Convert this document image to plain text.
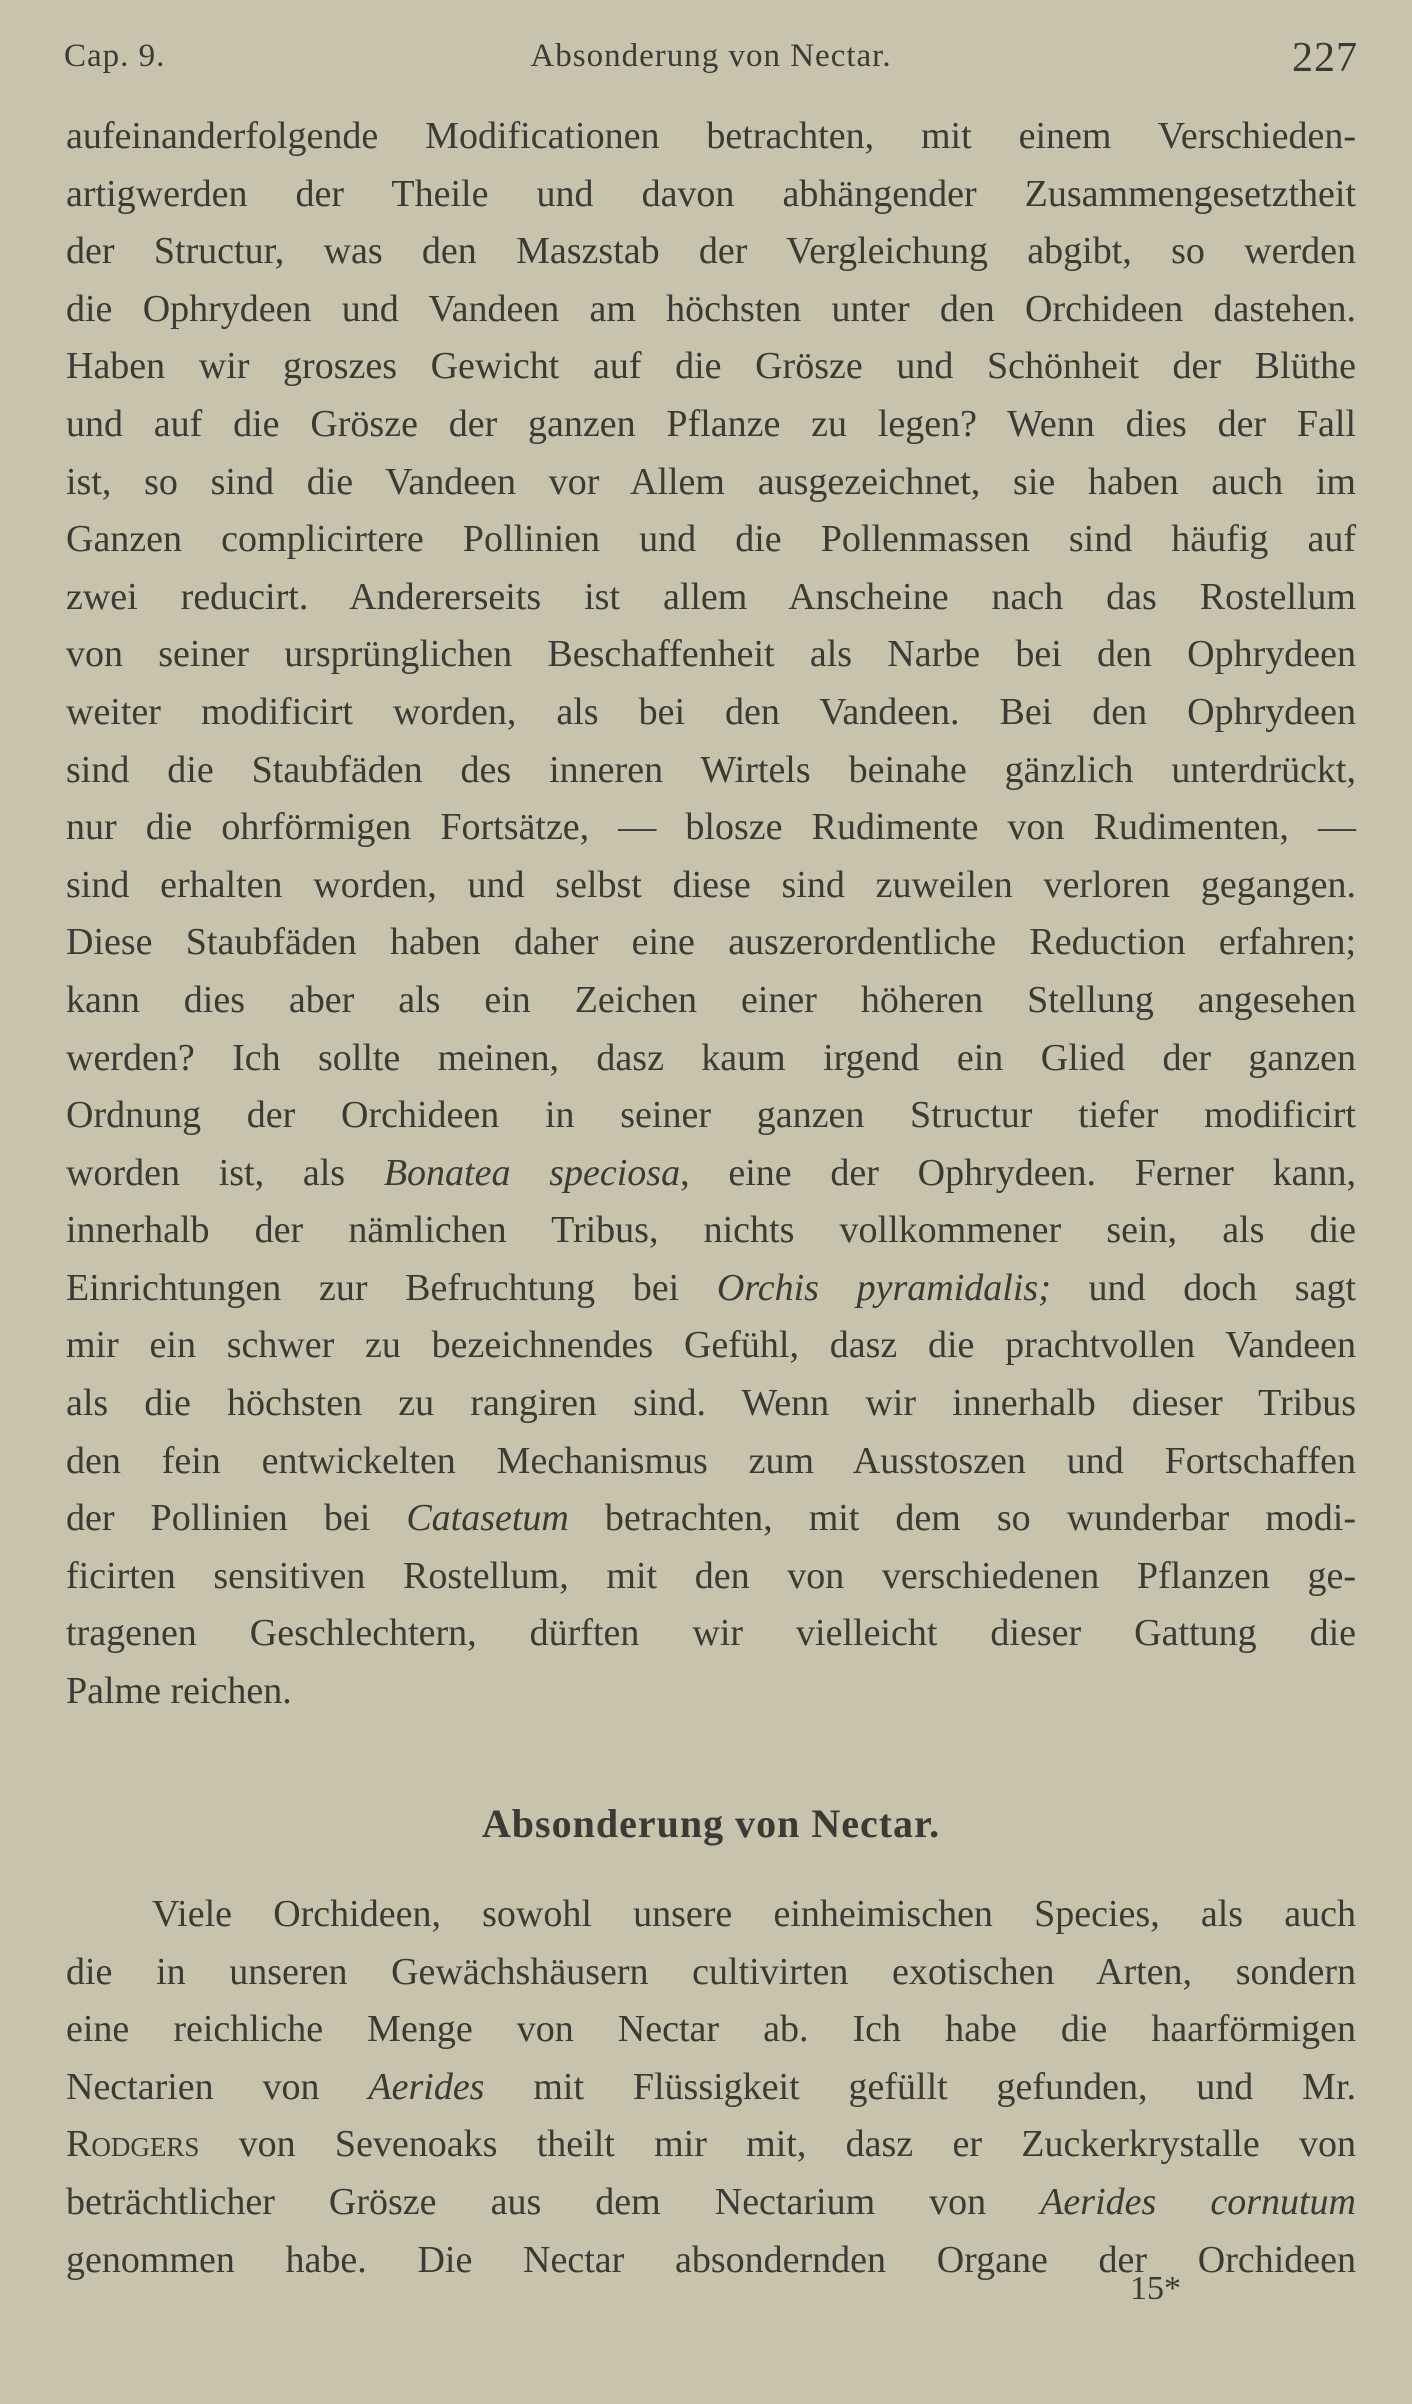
Cap. 9.	Absonderung von Nectar.	227
aufeinanderfolgende Modificationen betrachten, mit einem Verschieden-
artigwerden der Theile und davon abhängender Zusammengesetztheit
der Structur, was den Maszstab der Vergleichung abgibt, so werden
die Ophrydeen und Vandeen am höchsten unter den Orchideen dastehen.
Haben wir groszes Gewicht auf die Grösze und Schönheit der Blüthe
und auf die Grösze der ganzen Pflanze zu legen? Wenn dies der Fall
ist, so sind die Vandeen vor Allem ausgezeichnet, sie haben auch im
Ganzen complicirtere Pollinien und die Pollenmassen sind häufig auf
zwei reducirt. Andererseits ist allem Anscheine nach das Rostellum
von seiner ursprünglichen Beschaffenheit als Narbe bei den Ophrydeen
weiter modificirt worden, als bei den Vandeen. Bei den Ophrydeen
sind die Staubfäden des inneren Wirtels beinahe gänzlich unterdrückt,
nur die ohrförmigen Fortsätze, — blosze Rudimente von Rudimenten, —
sind erhalten worden, und selbst diese sind zuweilen verloren gegangen.
Diese Staubfäden haben daher eine auszerordentliche Reduction erfahren;
kann dies aber als ein Zeichen einer höheren Stellung angesehen
werden? Ich sollte meinen, dasz kaum irgend ein Glied der ganzen
Ordnung der Orchideen in seiner ganzen Structur tiefer modificirt
worden ist, als Bonatea speciosa, eine der Ophrydeen. Ferner kann,
innerhalb der nämlichen Tribus, nichts vollkommener sein, als die
Einrichtungen zur Befruchtung bei Orchis pyramidalis; und doch sagt
mir ein schwer zu bezeichnendes Gefühl, dasz die prachtvollen Vandeen
als die höchsten zu rangiren sind. Wenn wir innerhalb dieser Tribus
den fein entwickelten Mechanismus zum Ausstoszen und Fortschaffen
der Pollinien bei Catasetum betrachten, mit dem so wunderbar modi-
ficirten sensitiven Rostellum, mit den von verschiedenen Pflanzen ge-
tragenen Geschlechtern, dürften wir vielleicht dieser Gattung die
Palme reichen.
Absonderung von Nectar.
Viele Orchideen, sowohl unsere einheimischen Species, als auch
die in unseren Gewächshäusern cultivirten exotischen Arten, sondern
eine reichliche Menge von Nectar ab. Ich habe die haarförmigen
Nectarien von Aerides mit Flüssigkeit gefüllt gefunden, und Mr.
Rodgers von Sevenoaks theilt mir mit, dasz er Zuckerkrystalle von
beträchtlicher Grösze aus dem Nectarium von Aerides cornutum
genommen habe. Die Nectar absondernden Organe der Orchideen
15*
